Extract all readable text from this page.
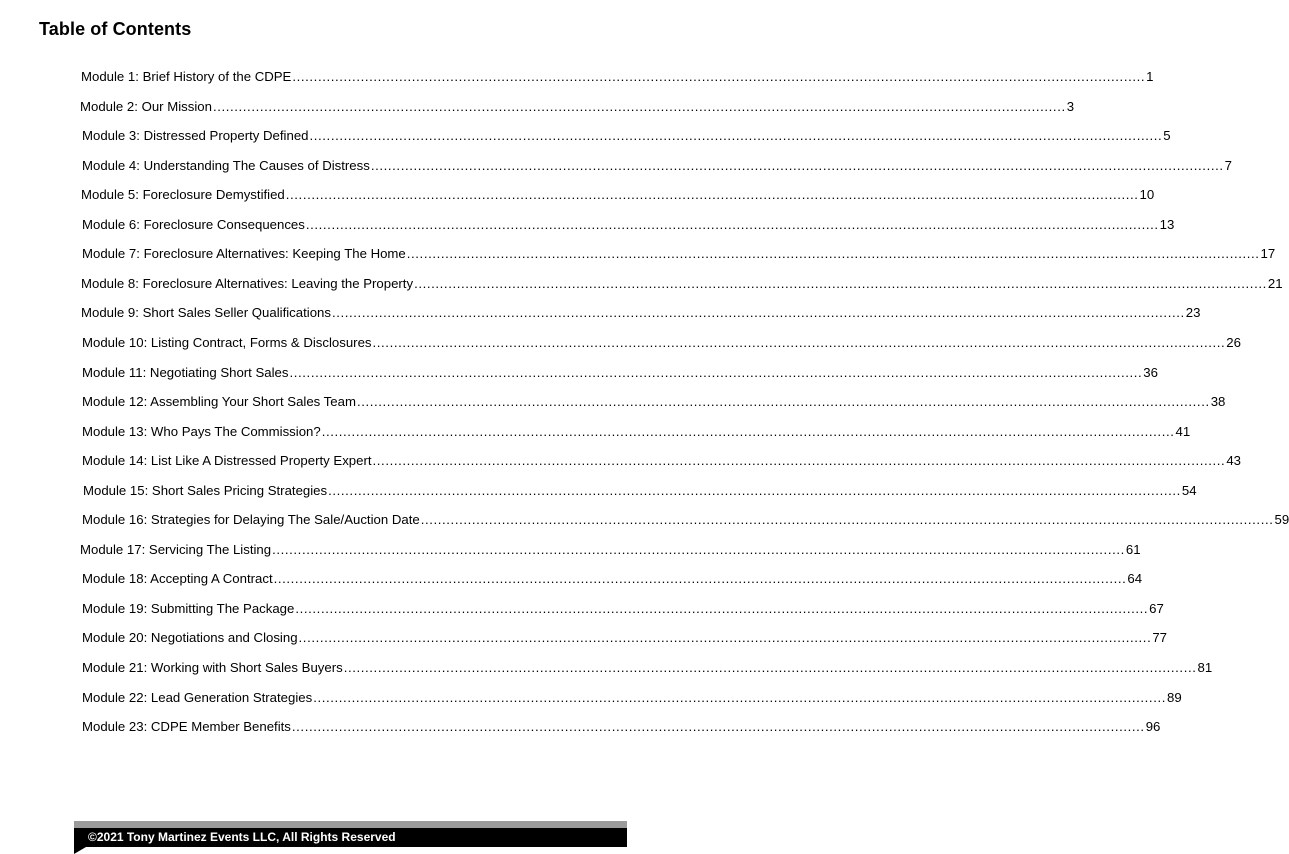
Table of Contents
Module 1: Brief History of the CDPE ........................................................................................................................................................................................................ 1
Module 2: Our Mission ........................................................................................................................................................................................................ 3
Module 3: Distressed Property Defined ........................................................................................................................................................................................................ 5
Module 4: Understanding The Causes of Distress ........................................................................................................................................................................................................ 7
Module 5: Foreclosure Demystified ........................................................................................................................................................................................................ 10
Module 6: Foreclosure Consequences ........................................................................................................................................................................................................ 13
Module 7: Foreclosure Alternatives: Keeping The Home ........................................................................................................................................................................................................ 17
Module 8: Foreclosure Alternatives: Leaving the Property ........................................................................................................................................................................................................ 21
Module 9: Short Sales Seller Qualifications ........................................................................................................................................................................................................ 23
Module 10: Listing Contract, Forms & Disclosures ........................................................................................................................................................................................................ 26
Module 11: Negotiating Short Sales ........................................................................................................................................................................................................ 36
Module 12: Assembling Your Short Sales Team ........................................................................................................................................................................................................ 38
Module 13: Who Pays The Commission? ........................................................................................................................................................................................................ 41
Module 14: List Like A Distressed Property Expert ........................................................................................................................................................................................................ 43
Module 15: Short Sales Pricing Strategies ........................................................................................................................................................................................................ 54
Module 16: Strategies for Delaying The Sale/Auction Date ........................................................................................................................................................................................................ 59
Module 17: Servicing The Listing ........................................................................................................................................................................................................ 61
Module 18: Accepting A Contract ........................................................................................................................................................................................................ 64
Module 19: Submitting The Package ........................................................................................................................................................................................................ 67
Module 20: Negotiations and Closing ........................................................................................................................................................................................................ 77
Module 21: Working with Short Sales Buyers ........................................................................................................................................................................................................ 81
Module 22: Lead Generation Strategies ........................................................................................................................................................................................................ 89
Module 23: CDPE Member Benefits ........................................................................................................................................................................................................ 96
©2021 Tony Martinez Events LLC, All Rights Reserved
